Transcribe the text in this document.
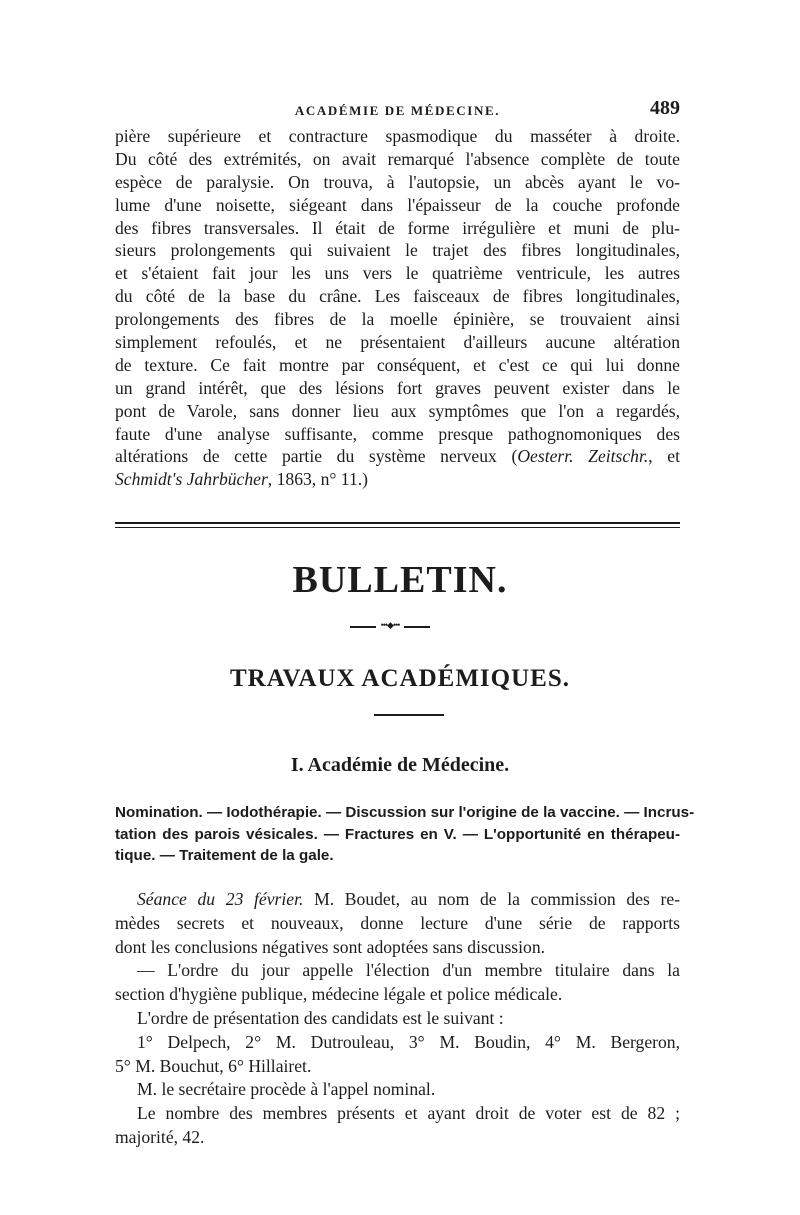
ACADÉMIE DE MÉDECINE.	489
pière supérieure et contracture spasmodique du masséter à droite.
Du côté des extrémités, on avait remarqué l'absence complète de toute
espèce de paralysie. On trouva, à l'autopsie, un abcès ayant le vo-
lume d'une noisette, siégeant dans l'épaisseur de la couche profonde
des fibres transversales. Il était de forme irrégulière et muni de plu-
sieurs prolongements qui suivaient le trajet des fibres longitudinales,
et s'étaient fait jour les uns vers le quatrième ventricule, les autres
du côté de la base du crâne. Les faisceaux de fibres longitudinales,
prolongements des fibres de la moelle épinière, se trouvaient ainsi
simplement refoulés, et ne présentaient d'ailleurs aucune altération
de texture. Ce fait montre par conséquent, et c'est ce qui lui donne
un grand intérêt, que des lésions fort graves peuvent exister dans le
pont de Varole, sans donner lieu aux symptômes que l'on a regardés,
faute d'une analyse suffisante, comme presque pathognomoniques des
altérations de cette partie du système nerveux (Oesterr. Zeitschr., et
Schmidt's Jahrbücher, 1863, n° 11.)
BULLETIN.
•••◆•••
TRAVAUX ACADÉMIQUES.
I. Académie de Médecine.
Nomination. — Iodothérapie. — Discussion sur l'origine de la vaccine. — Incrus-
tation des parois vésicales. — Fractures en V. — L'opportunité en thérapeu-
tique. — Traitement de la gale.
Séance du 23 février. M. Boudet, au nom de la commission des re-
mèdes secrets et nouveaux, donne lecture d'une série de rapports
dont les conclusions négatives sont adoptées sans discussion.
— L'ordre du jour appelle l'élection d'un membre titulaire dans la
section d'hygiène publique, médecine légale et police médicale.
L'ordre de présentation des candidats est le suivant :
1° Delpech, 2° M. Dutrouleau, 3° M. Boudin, 4° M. Bergeron,
5° M. Bouchut, 6° Hillairet.
M. le secrétaire procède à l'appel nominal.
Le nombre des membres présents et ayant droit de voter est de 82 ;
majorité, 42.
